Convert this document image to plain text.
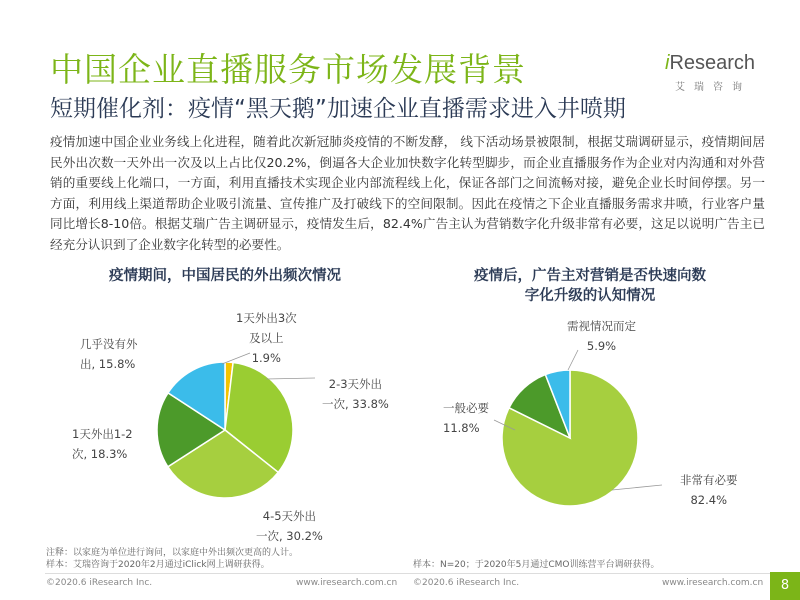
中国企业直播服务市场发展背景
短期催化剂：疫情“黑天鹅”加速企业直播需求进入井喷期
iResearch
艾瑞咨询
疫情加速中国企业业务线上化进程，随着此次新冠肺炎疫情的不断发酵， 线下活动场景被限制，根据艾瑞调研显示，疫情期间居民外出次数一天外出一次及以上占比仅20.2%，倒逼各大企业加快数字化转型脚步，而企业直播服务作为企业对内沟通和对外营销的重要线上化端口，一方面，利用直播技术实现企业内部流程线上化，保证各部门之间流畅对接，避免企业长时间停摆。另一方面，利用线上渠道帮助企业吸引流量、宣传推广及打破线下的空间限制。因此在疫情之下企业直播服务需求井喷，行业客户量同比增长8-10倍。根据艾瑞广告主调研显示，疫情发生后，82.4%广告主认为营销数字化升级非常有必要，这足以说明广告主已经充分认识到了企业数字化转型的必要性。
疫情期间，中国居民的外出频次情况	疫情后，广告主对营销是否快速向数
字化升级的认知情况
1天外出3次
及以上
1.9%
2-3天外出
一次, 33.8%
4-5天外出
一次, 30.2%
1天外出1-2
次, 18.3%
几乎没有外
出, 15.8%
非常有必要
82.4%
一般必要
11.8%
需视情况而定
5.9%
注释：以家庭为单位进行询问，以家庭中外出频次更高的人计。
样本：艾瑞咨询于2020年2月通过iClick网上调研获得。	样本：N=20；于2020年5月通过CMO训练营平台调研获得。
©2020.6 iResearch Inc.	www.iresearch.com.cn ©2020.6 iResearch Inc.	www.iresearch.com.cn	8
